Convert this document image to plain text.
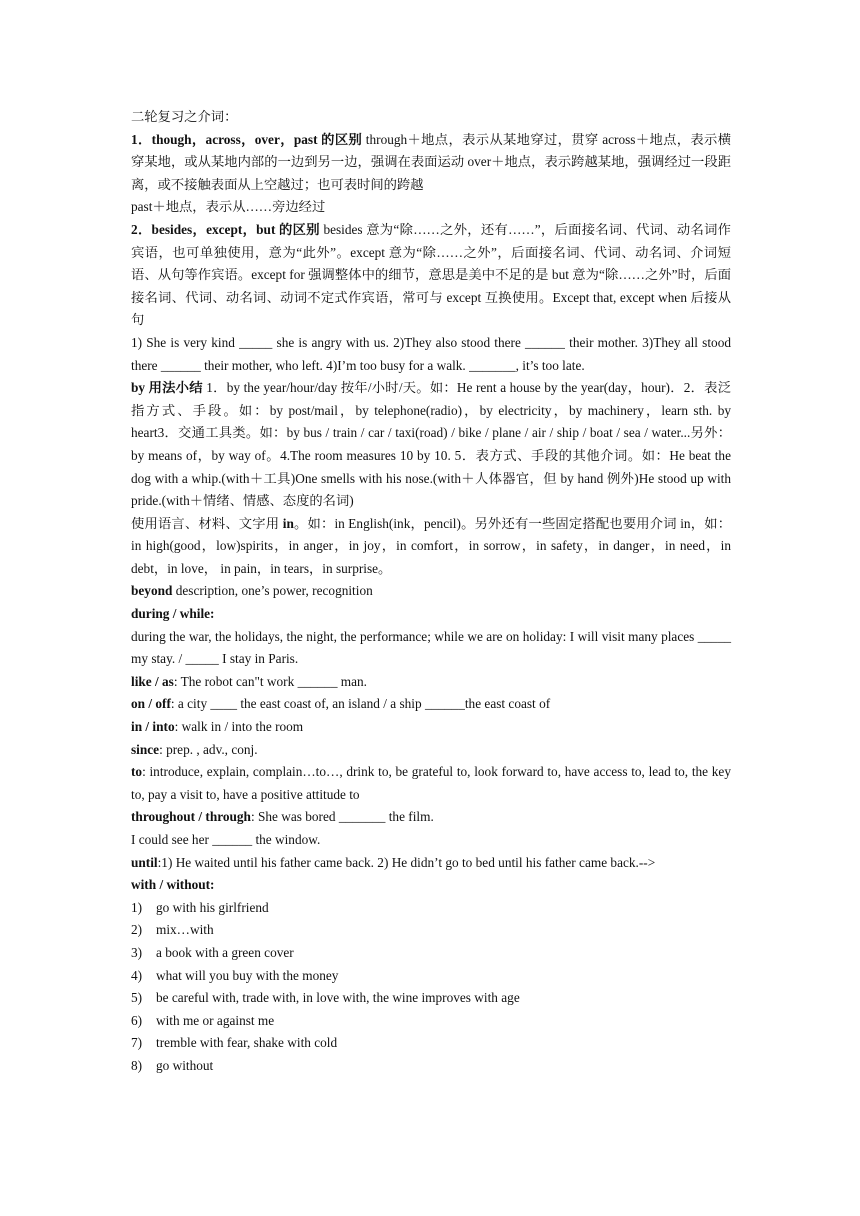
二轮复习之介词：

1．though，across，over，past 的区别 through＋地点，表示从某地穿过，贯穿 across＋地点，表示横穿某地，或从某地内部的一边到另一边，强调在表面运动 over＋地点，表示跨越某地，强调经过一段距离，或不接触表面从上空越过；也可表时间的跨越

past＋地点，表示从……旁边经过

2．besides，except，but 的区别 besides 意为“除……之外，还有……”，后面接名词、代词、动名词作宾语，也可单独使用，意为“此外”。except 意为“除……之外”，后面接名词、代词、动名词、介词短语、从句等作宾语。except for 强调整体中的细节，意思是美中不足的是 but 意为“除……之外”时，后面接名词、代词、动名词、动词不定式作宾语，常可与 except 互换使用。Except that, except when 后接从句

1) She is very kind _____ she is angry with us. 2)They also stood there ______ their mother. 3)They all stood there ______ their mother, who left. 4)I’m too busy for a walk. _______, it’s too late.

by 用法小结 1．by the year/hour/day 按年/小时/天。如：He rent a house by the year(day，hour)．2．表泛指方式、手段。如：by post/mail，by telephone(radio)，by electricity，by machinery，learn sth. by heart3．交通工具类。如：by bus / train / car / taxi(road) / bike / plane / air / ship / boat / sea / water...另外：by means of，by way of。4.The room measures 10 by 10. 5．表方式、手段的其他介词。如：He beat the dog with a whip.(with＋工具)One smells with his nose.(with＋人体器官，但 by hand 例外)He stood up with pride.(with＋情绪、情感、态度的名词)

使用语言、材料、文字用 in。如：in English(ink，pencil)。另外还有一些固定搭配也要用介词 in，如：in high(good，low)spirits，in anger，in joy，in comfort，in sorrow，in safety，in danger，in need，in debt，in love， in pain，in tears，in surprise。

beyond description, one’s power, recognition

during / while:

during the war, the holidays, the night, the performance; while we are on holiday: I will visit many places _____ my stay. / _____ I stay in Paris.

like / as: The robot can"t work ______ man.

on / off: a city ____ the east coast of, an island / a ship ______the east coast of

in / into: walk in / into the room

since: prep. , adv., conj.

to: introduce, explain, complain…to…, drink to, be grateful to, look forward to, have access to, lead to, the key to, pay a visit to, have a positive attitude to

throughout / through: She was bored _______ the film.

I could see her ______ the window.

until:1) He waited until his father came back. 2) He didn’t go to bed until his father came back.-->

with / without:

1)	go with his girlfriend
2)	mix…with
3)	a book with a green cover
4)	what will you buy with the money
5)	be careful with, trade with, in love with, the wine improves with age
6)	with me or against me
7)	tremble with fear, shake with cold
8)	go without
